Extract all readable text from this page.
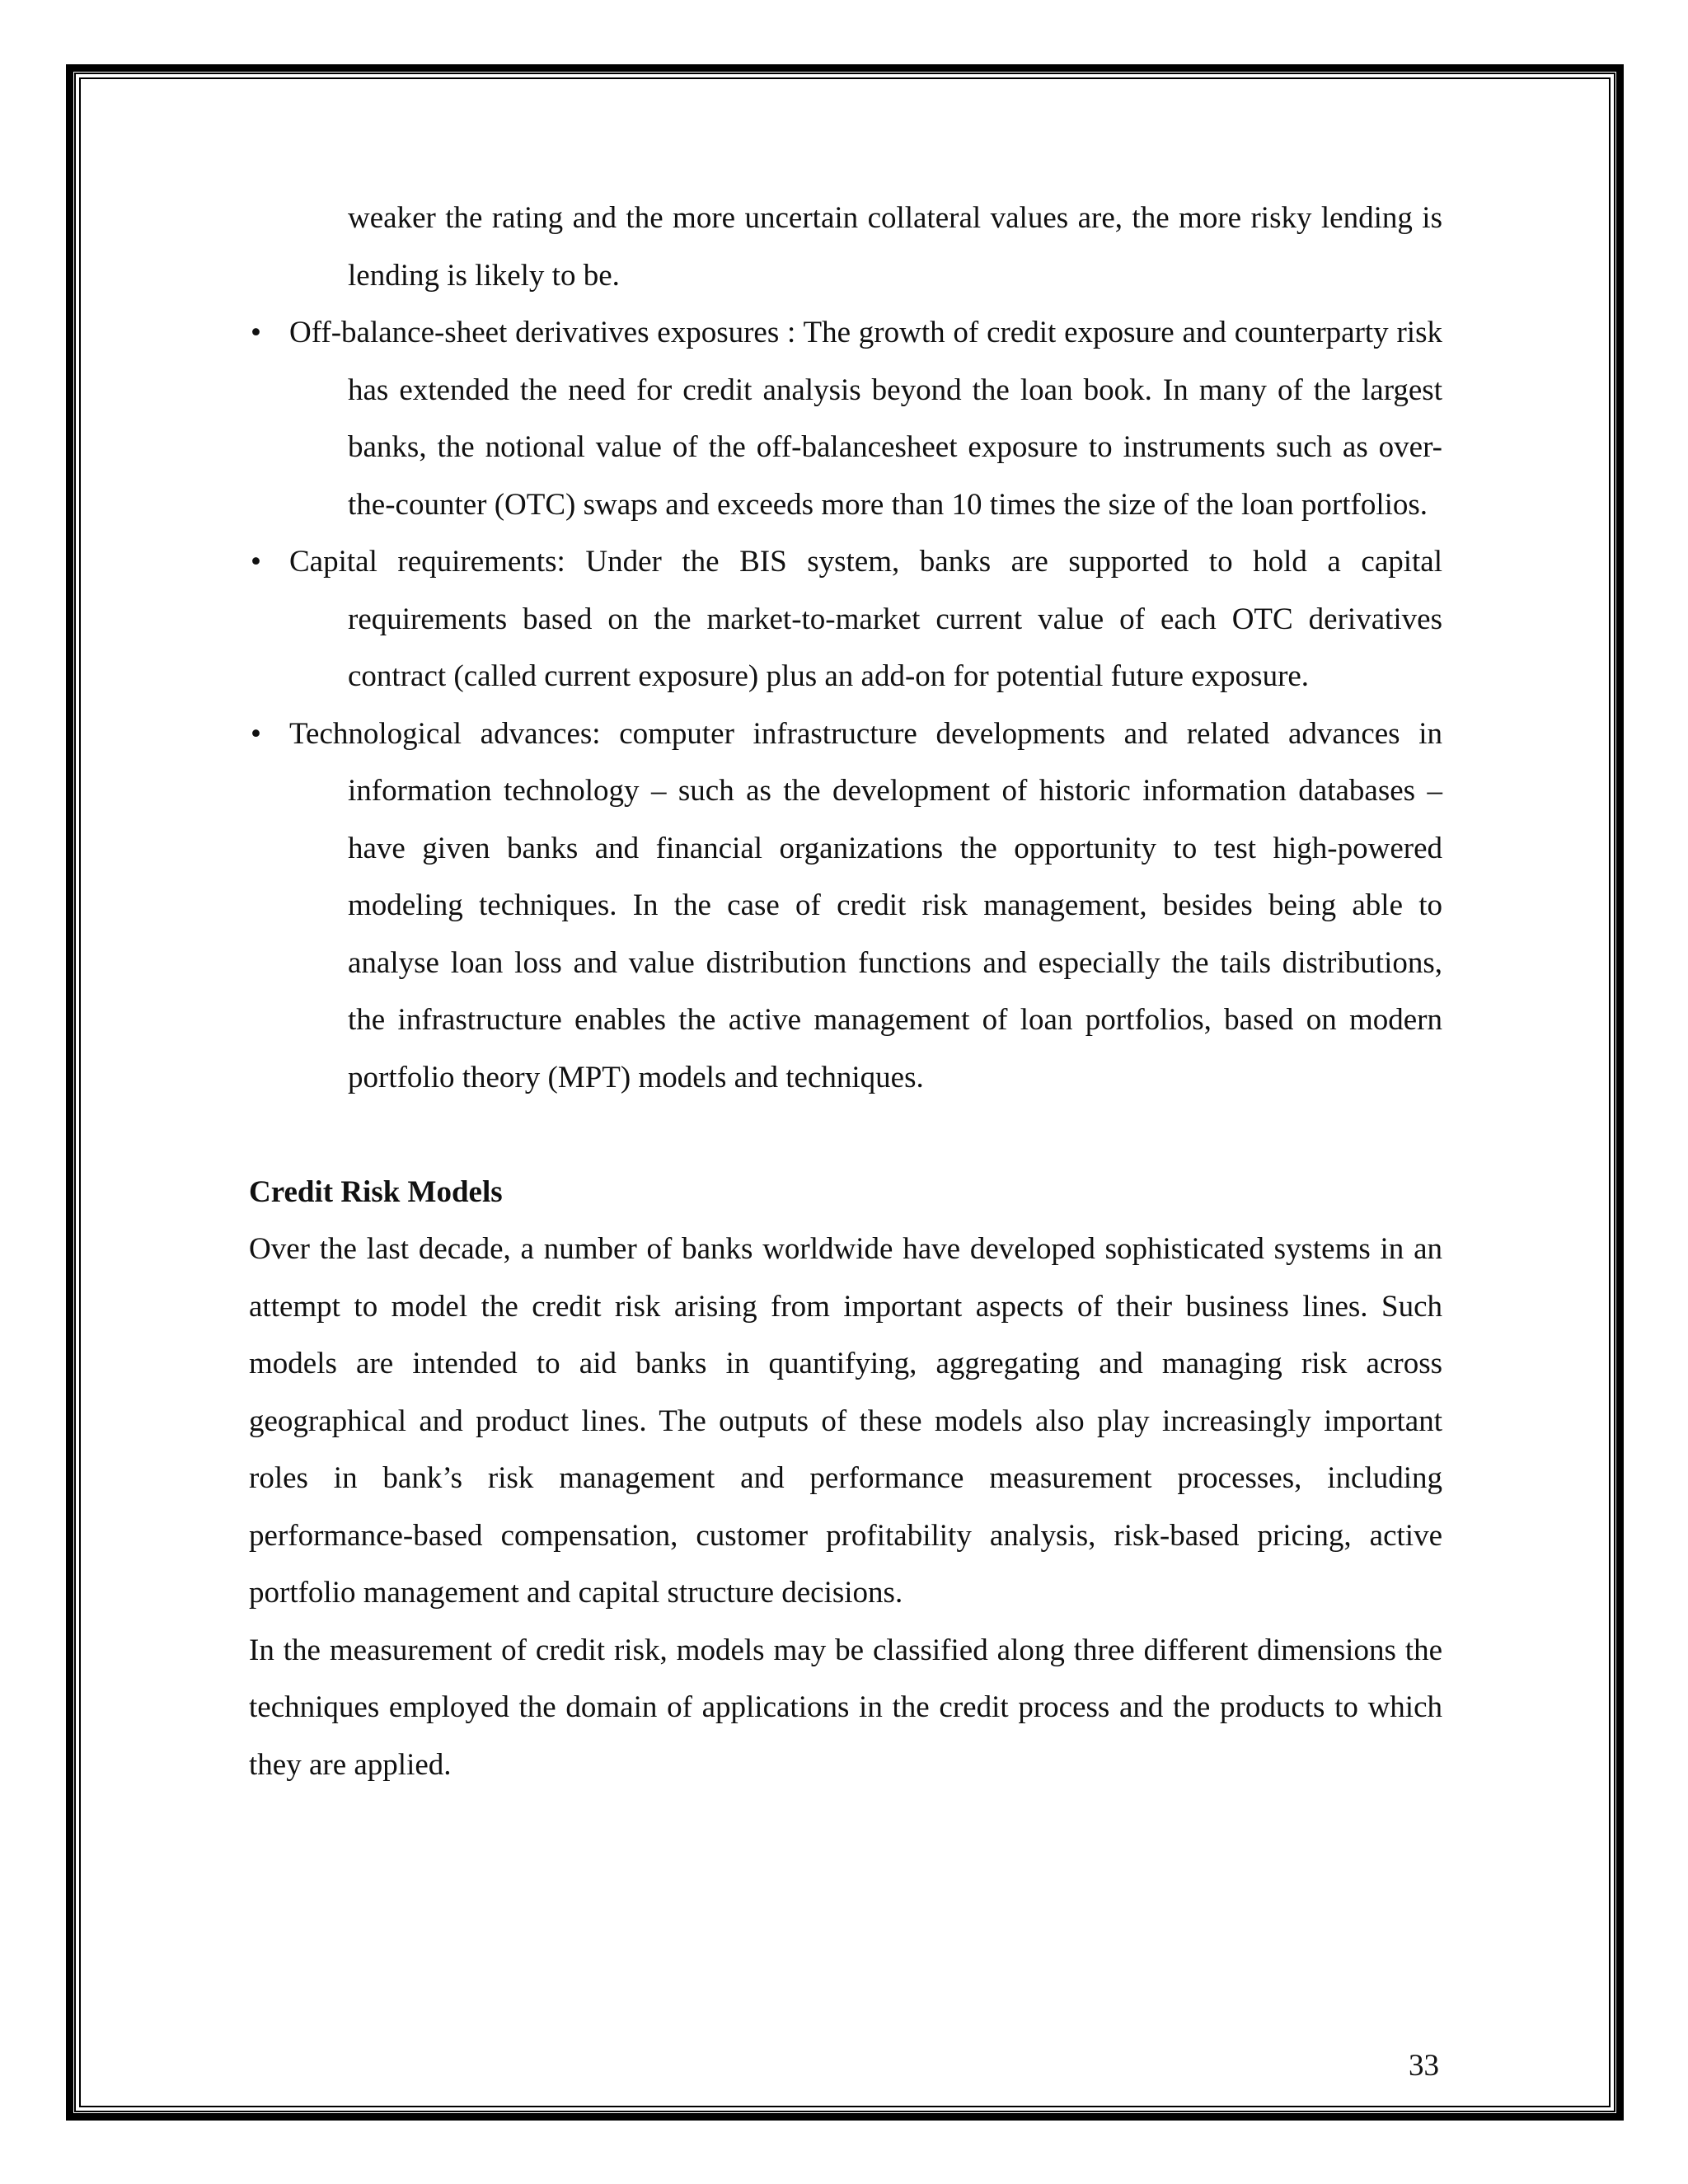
weaker the rating and the more uncertain collateral values are, the more risky lending is lending is likely to be.

• Off-balance-sheet derivatives exposures : The growth of credit exposure and counterparty risk has extended the need for credit analysis beyond the loan book. In many of the largest banks, the notional value of the off-balancesheet exposure to instruments such as over-the-counter (OTC) swaps and exceeds more than 10 times the size of the loan portfolios.

• Capital requirements: Under the BIS system, banks are supported to hold a capital requirements based on the market-to-market current value of each OTC derivatives contract (called current exposure) plus an add-on for potential future exposure.

• Technological advances: computer infrastructure developments and related advances in information technology – such as the development of historic information databases – have given banks and financial organizations the opportunity to test high-powered modeling techniques. In the case of credit risk management, besides being able to analyse loan loss and value distribution functions and especially the tails distributions, the infrastructure enables the active management of loan portfolios, based on modern portfolio theory (MPT) models and techniques.

Credit Risk Models

Over the last decade, a number of banks worldwide have developed sophisticated systems in an attempt to model the credit risk arising from important aspects of their business lines. Such models are intended to aid banks in quantifying, aggregating and managing risk across geographical and product lines. The outputs of these models also play increasingly important roles in bank’s risk management and performance measurement processes, including performance-based compensation, customer profitability analysis, risk-based pricing, active portfolio management and capital structure decisions.

In the measurement of credit risk, models may be classified along three different dimensions the techniques employed the domain of applications in the credit process and the products to which they are applied.

33
